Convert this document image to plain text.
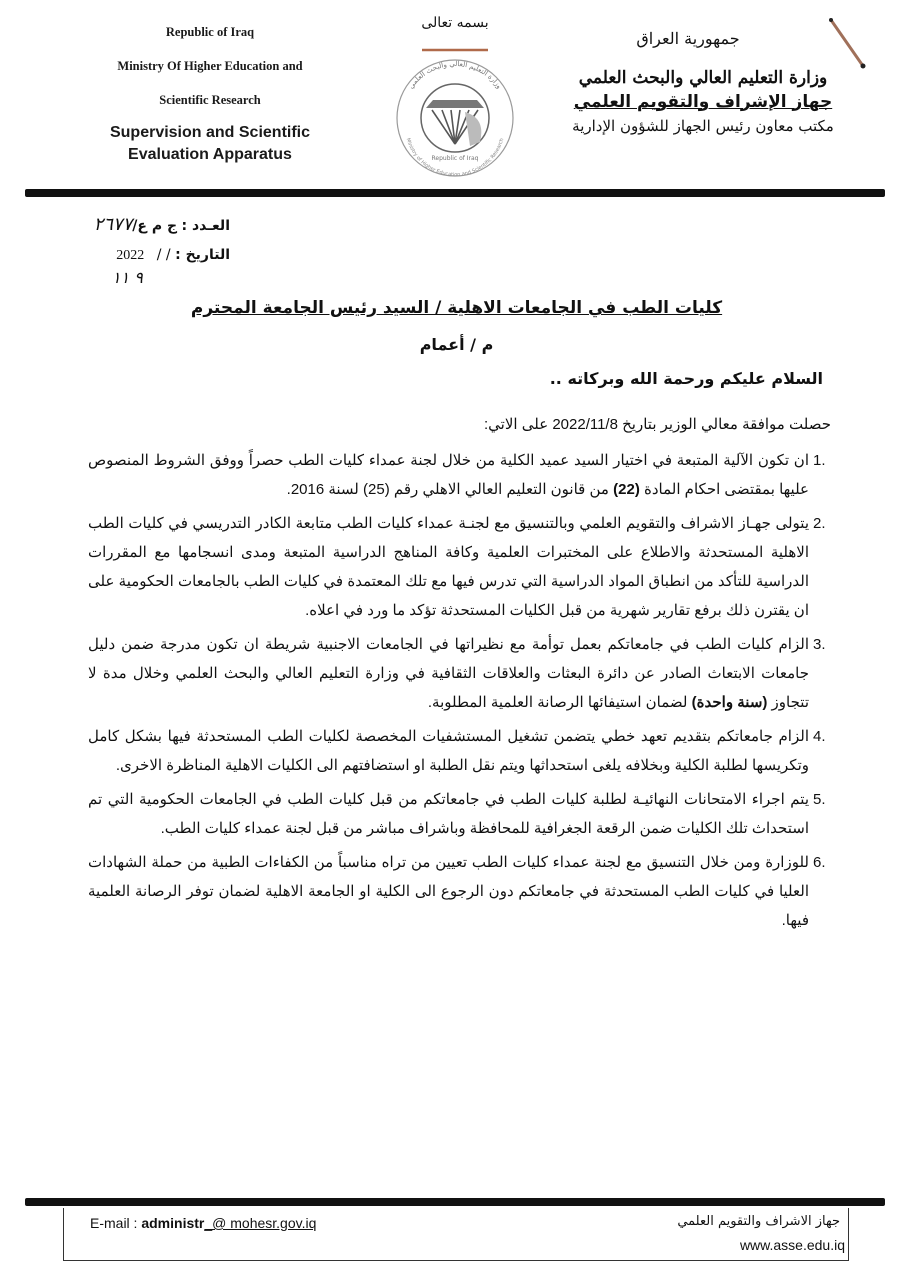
Republic of Iraq
Ministry Of Higher Education and
Scientific Research
Supervision and Scientific
Evaluation Apparatus
بسمه تعالى
وزارة التعليم العالي والبحث العلمي
Ministry of Higher Education and Scientific Research
Republic of Iraq
جمهورية العراق
وزارة التعليم العالي والبحث العلمي
جهاز الإشراف والتقويم العلمي
مكتب معاون رئيس الجهاز للشؤون الإدارية
العـدد : ج م ع/٢٦٧٧
التاريخ : / / 2022
٩ ١١
كليات الطب في الجامعات الاهلية / السيد رئيس الجامعة المحترم
م / أعمام
السلام عليكم ورحمة الله وبركاته ..
حصلت موافقة معالي الوزير بتاريخ 2022/11/8 على الاتي:
1.
ان تكون الآلية المتبعة في اختيار السيد عميد الكلية من خلال لجنة عمداء كليات الطب حصراً ووفق الشروط المنصوص عليها بمقتضى احكام المادة (22) من قانون التعليم العالي الاهلي رقم (25) لسنة 2016.
2.
يتولى جهـاز الاشراف والتقويم العلمي وبالتنسيق مع لجنـة عمداء كليات الطب متابعة الكادر التدريسي في كليات الطب الاهلية المستحدثة والاطلاع على المختبرات العلمية وكافة المناهج الدراسية المتبعة ومدى انسجامها مع المقررات الدراسية للتأكد من انطباق المواد الدراسية التي تدرس فيها مع تلك المعتمدة في كليات الطب بالجامعات الحكومية على ان يقترن ذلك برفع تقارير شهرية من قبل الكليات المستحدثة تؤكد ما ورد في اعلاه.
3.
الزام كليات الطب في جامعاتكم بعمل توأمة مع نظيراتها في الجامعات الاجنبية شريطة ان تكون مدرجة ضمن دليل جامعات الابتعاث الصادر عن دائرة البعثات والعلاقات الثقافية في وزارة التعليم العالي والبحث العلمي وخلال مدة لا تتجاوز (سنة واحدة) لضمان استيفائها الرصانة العلمية المطلوبة.
4.
الزام جامعاتكم بتقديم تعهد خطي يتضمن تشغيل المستشفيات المخصصة لكليات الطب المستحدثة فيها بشكل كامل وتكريسها لطلبة الكلية وبخلافه يلغى استحداثها ويتم نقل الطلبة او استضافتهم الى الكليات الاهلية المناظرة الاخرى.
5.
يتم اجراء الامتحانات النهائيـة لطلبة كليات الطب في جامعاتكم من قبل كليات الطب في الجامعات الحكومية التي تم استحداث تلك الكليات ضمن الرقعة الجغرافية للمحافظة وباشراف مباشر من قبل لجنة عمداء كليات الطب.
6.
للوزارة ومن خلال التنسيق مع لجنة عمداء كليات الطب تعيين من تراه مناسباً من الكفاءات الطبية من حملة الشهادات العليا في كليات الطب المستحدثة في جامعاتكم دون الرجوع الى الكلية او الجامعة الاهلية لضمان توفر الرصانة العلمية فيها.
E-mail : administr_@ mohesr.gov.iq	جهاز الاشراف والتقويم العلمي
www.asse.edu.iq
